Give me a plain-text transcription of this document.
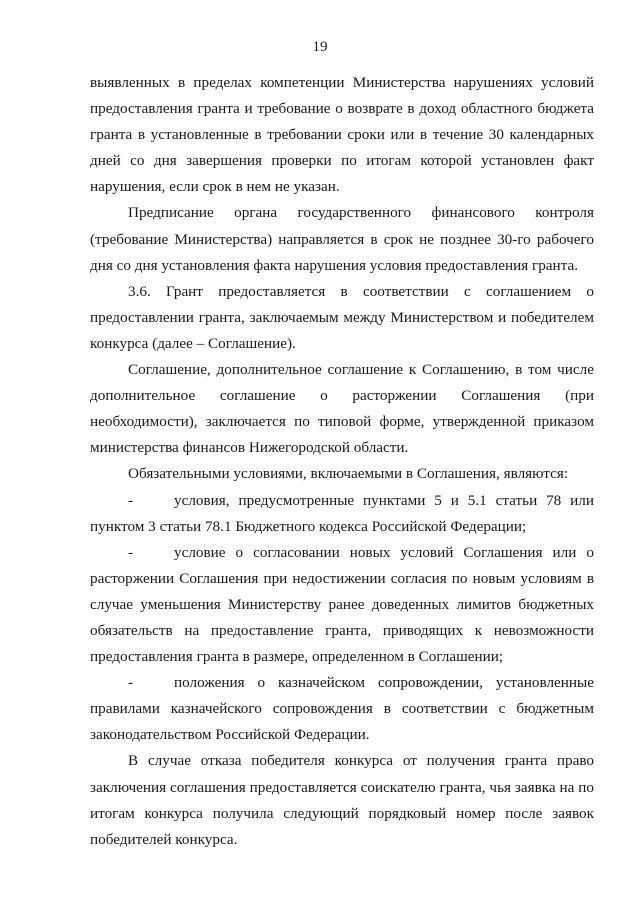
19

выявленных в пределах компетенции Министерства нарушениях условий предоставления гранта и требование о возврате в доход областного бюджета гранта в установленные в требовании сроки или в течение 30 календарных дней со дня завершения проверки по итогам которой установлен факт нарушения, если срок в нем не указан.

Предписание органа государственного финансового контроля (требование Министерства) направляется в срок не позднее 30-го рабочего дня со дня установления факта нарушения условия предоставления гранта.

3.6. Грант предоставляется в соответствии с соглашением о предоставлении гранта, заключаемым между Министерством и победителем конкурса (далее – Соглашение).

Соглашение, дополнительное соглашение к Соглашению, в том числе дополнительное соглашение о расторжении Соглашения (при необходимости), заключается по типовой форме, утвержденной приказом министерства финансов Нижегородской области.

Обязательными условиями, включаемыми в Соглашения, являются:

-	условия, предусмотренные пунктами 5 и 5.1 статьи 78 или пунктом 3 статьи 78.1 Бюджетного кодекса Российской Федерации;

-	условие о согласовании новых условий Соглашения или о расторжении Соглашения при недостижении согласия по новым условиям в случае уменьшения Министерству ранее доведенных лимитов бюджетных обязательств на предоставление гранта, приводящих к невозможности предоставления гранта в размере, определенном в Соглашении;

-	положения о казначейском сопровождении, установленные правилами казначейского сопровождения в соответствии с бюджетным законодательством Российской Федерации.

В случае отказа победителя конкурса от получения гранта право заключения соглашения предоставляется соискателю гранта, чья заявка на по итогам конкурса получила следующий порядковый номер после заявок победителей конкурса.
